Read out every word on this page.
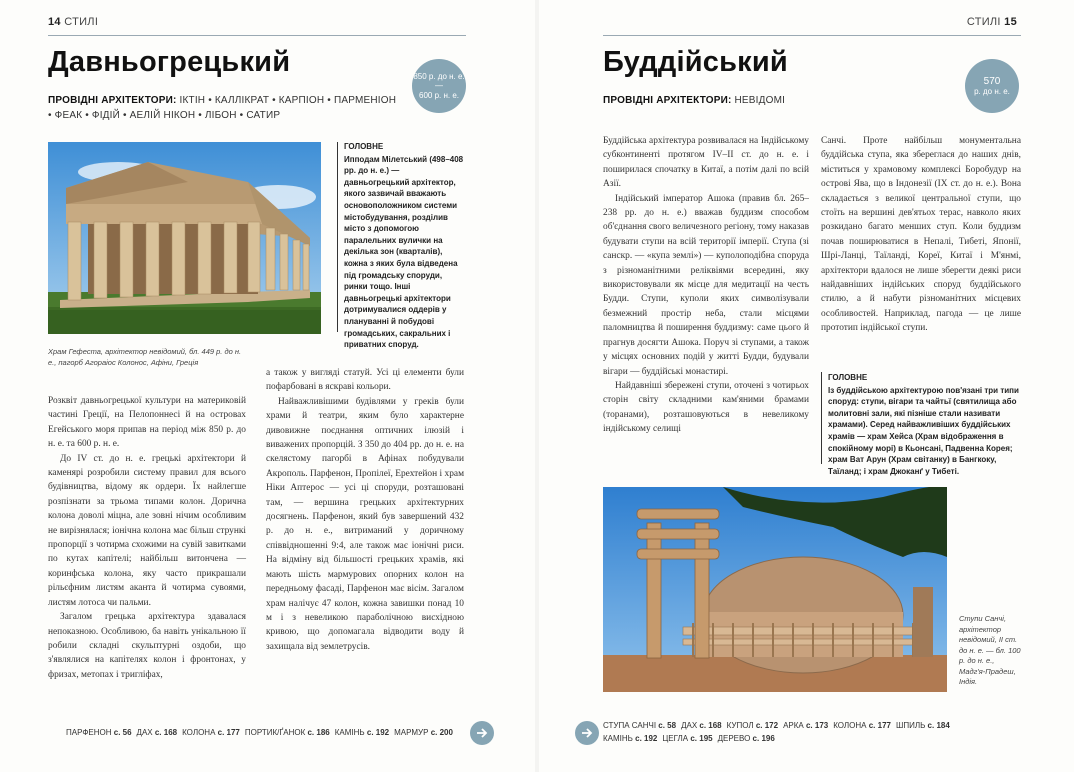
14 СТИЛІ
Давньогрецький	850 р. до н. е.
—
600 р. н. е.
ПРОВІДНІ АРХІТЕКТОРИ: ІКТІН • КАЛЛІКРАТ • КАРПІОН • ПАРМЕНІОН
• ФЕАК • ФІДІЙ • АЕЛІЙ НІКОН • ЛІБОН • САТИР
ГОЛОВНЕ
Ипподам Мілетський (498–408 рр. до н. е.) — давньогрецький архітектор, якого зазвичай вважають основоположником системи містобудування, розділив місто з допомогою паралельних вулички на декілька зон (кварталів), кожна з яких була відведена під громадську споруди, ринки тощо. Інші давньогрецькі архітектори дотримувалися оддерів у плануванні й побудові громадських, сакральних і приватних споруд.
Храм Гефеста, архітектор невідомий, бл. 449 р. до н. е., пагорб Агораіос Колонос, Афіни, Греція

а також у вигляді статуй. Усі ці елементи були пофарбовані в яскраві кольори.

Найважливішими будівлями у греків були храми й театри, яким було характерне дивовижне поєднання оптичних ілюзій і виважених пропорцій. З 350 до 404 рр. до н. е. на скелястому пагорбі в Афінах побудували Акрополь. Парфенон, Пропілеї, Ерехтейон і храм Ніки Аптерос — усі ці споруди, розташовані там, — вершина грецьких архітектурних досягнень. Парфенон, який був завершений 432 р. до н. е., витриманий у доричному співвідношенні 9:4, але також має іонічні риси. На відміну від більшості грецьких храмів, які мають шість мармурових опорних колон на передньому фасаді, Парфенон має вісім. Загалом храм налічує 47 колон, кожна завишки понад 10 м і з невеликою параболічною висхідною кривою, що допомагала відводити воду й захищала від землетрусів.

Розквіт давньогрецької культури на материковій частині Греції, на Пелопоннесі й на островах Егейського моря припав на період між 850 р. до н. е. та 600 р. н. е.

До IV ст. до н. е. грецькі архітектори й каменярі розробили систему правил для всього будівництва, відому як ордери. Їх найлегше розпізнати за трьома типами колон. Дорична колона доволі міцна, але зовні нічим особливим не вирізнялася; іонічна колона має більш стрункі пропорції з чотирма схожими на сувій завитками по кутах капітелі; найбільш витончена — коринфська колона, яку часто прикрашали рільєфним листям аканта й чотирма сувоями, листям лотоса чи пальми.

Загалом грецька архітектура здавалася непоказною. Особливою, ба навіть унікальною її робили складні скульптурні оздоби, що з'являлися на капітелях колон і фронтонах, у фризах, метопах і тригліфах,

ПАРФЕНОН с. 56 ДАХ с. 168 КОЛОНА с. 177 ПОРТИК/ҐАНОК с. 186 КАМІНЬ с. 192 МАРМУР с. 200
СТИЛІ 15
Буддійський
570
р. до н. е.
ПРОВІДНІ АРХІТЕКТОРИ: НЕВІДОМІ

Буддійська архітектура розвивалася на Індійському субконтиненті протягом IV–II ст. до н. е. і поширилася спочатку в Китаї, а потім далі по всій Азії.

Індійський імператор Ашока (правив бл. 265–238 рр. до н. е.) вважав буддизм способом об'єднання свого величезного регіону, тому наказав будувати ступи на всій території імперії. Ступа (зі санскр. — «купа землі») — куполоподібна споруда з різноманітними реліквіями всередині, яку використовували як місце для медитації на честь Будди. Ступи, куполи яких символізували безмежний простір неба, стали місцями паломництва й поширення буддизму: саме цього й прагнув досягти Ашока. Поруч зі ступами, а також у місцях основних подій у житті Будди, будували вігари — буддійські монастирі.

Найдавніші збережені ступи, оточені з чотирьох сторін світу складними кам'яними брамами (торанами), розташовуються в невеликому індійському селищі

Санчі. Проте найбільш монументальна буддійська ступа, яка збереглася до наших днів, міститься у храмовому комплексі Боробудур на острові Ява, що в Індонезії (IX ст. до н. е.). Вона складається з великої центральної ступи, що стоїть на вершині дев'ятьох терас, навколо яких розкидано багато менших ступ. Коли буддизм почав поширюватися в Непалі, Тибеті, Японії, Шрі-Ланці, Таїланді, Кореї, Китаї і М'янмі, архітектори вдалося не лише зберегти деякі риси найдавніших індійських споруд буддійського стилю, а й набути різноманітних місцевих особливостей. Наприклад, пагода — це лише прототип індійської ступи.

ГОЛОВНЕ
Із буддійською архітектурою пов'язані три типи споруд: ступи, вігари та чайтьї (святилища або молитовні зали, які пізніше стали називати храмами). Серед найважливіших буддійських храмів — храм Хейса (Храм відображення в спокійному морі) в Кьонсані, Падвенна Корея; храм Ват Арун (Храм світанку) в Бангкоку, Таїланд; і храм Джоканґ у Тибеті.
Ступи Санчі, архітектор невідомий, II ст. до н. е. — бл. 100 р. до н. е., Мадг'я-Прадеш, Індія.
СТУПА САНЧІ с. 58 ДАХ с. 168 КУПОЛ с. 172 АРКА с. 173 КОЛОНА с. 177 ШПИЛЬ с. 184
КАМІНЬ с. 192 ЦЕГЛА с. 195 ДЕРЕВО с. 196
